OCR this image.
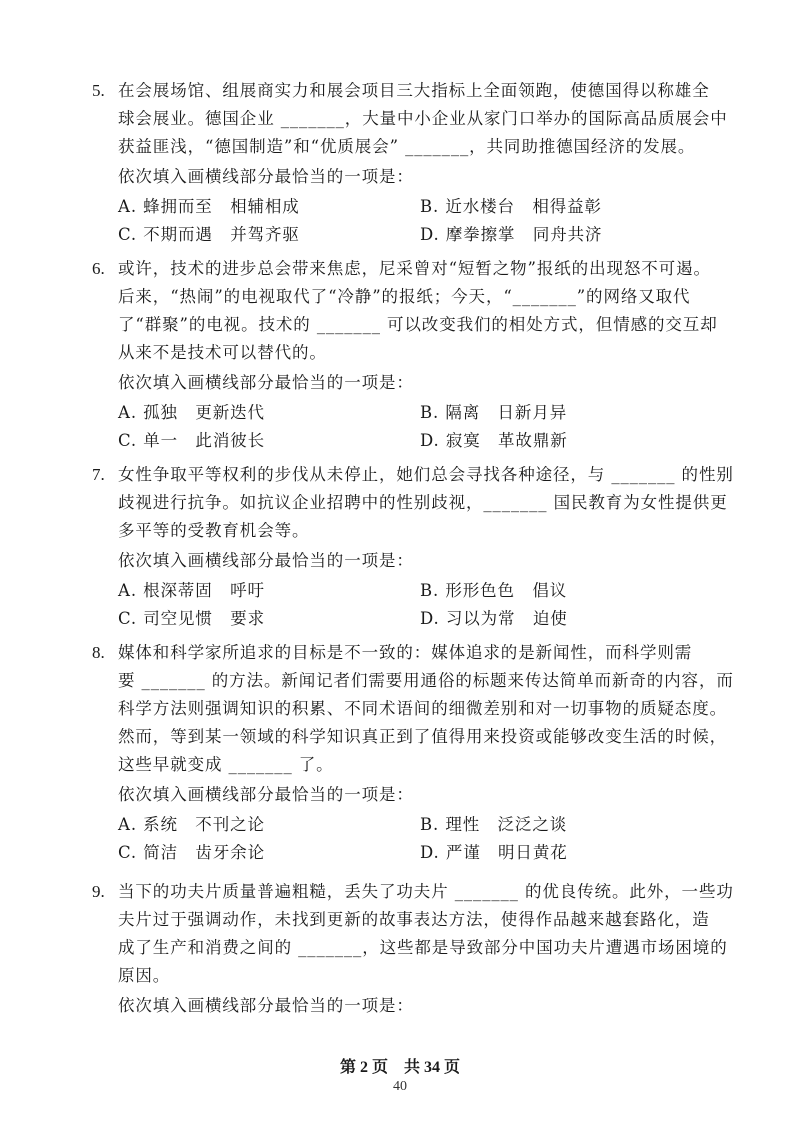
5. 在会展场馆、组展商实力和展会项目三大指标上全面领跑，使德国得以称雄全
球会展业。德国企业 _______，大量中小企业从家门口举办的国际高品质展会中
获益匪浅，“德国制造”和“优质展会” _______，共同助推德国经济的发展。
依次填入画横线部分最恰当的一项是：
A. 蜂拥而至　相辅相成	B. 近水楼台　相得益彰
C. 不期而遇　并驾齐驱	D. 摩拳擦掌　同舟共济
6. 或许，技术的进步总会带来焦虑，尼采曾对“短暂之物”报纸的出现怒不可遏。
后来，“热闹”的电视取代了“冷静”的报纸；今天，“_______”的网络又取代
了“群聚”的电视。技术的 _______ 可以改变我们的相处方式，但情感的交互却
从来不是技术可以替代的。
依次填入画横线部分最恰当的一项是：
A. 孤独　更新迭代	B. 隔离　日新月异
C. 单一　此消彼长	D. 寂寞　革故鼎新
7. 女性争取平等权利的步伐从未停止，她们总会寻找各种途径，与 _______ 的性别
歧视进行抗争。如抗议企业招聘中的性别歧视，_______ 国民教育为女性提供更
多平等的受教育机会等。
依次填入画横线部分最恰当的一项是：
A. 根深蒂固　呼吁	B. 形形色色　倡议
C. 司空见惯　要求	D. 习以为常　迫使
8. 媒体和科学家所追求的目标是不一致的：媒体追求的是新闻性，而科学则需
要 _______ 的方法。新闻记者们需要用通俗的标题来传达简单而新奇的内容，而
科学方法则强调知识的积累、不同术语间的细微差别和对一切事物的质疑态度。
然而，等到某一领域的科学知识真正到了值得用来投资或能够改变生活的时候，
这些早就变成 _______ 了。
依次填入画横线部分最恰当的一项是：
A. 系统　不刊之论	B. 理性　泛泛之谈
C. 简洁　齿牙余论	D. 严谨　明日黄花
9. 当下的功夫片质量普遍粗糙，丢失了功夫片 _______ 的优良传统。此外，一些功
夫片过于强调动作，未找到更新的故事表达方法，使得作品越来越套路化，造
成了生产和消费之间的 _______，这些都是导致部分中国功夫片遭遇市场困境的
原因。
依次填入画横线部分最恰当的一项是：
第 2 页　共 34 页
40
